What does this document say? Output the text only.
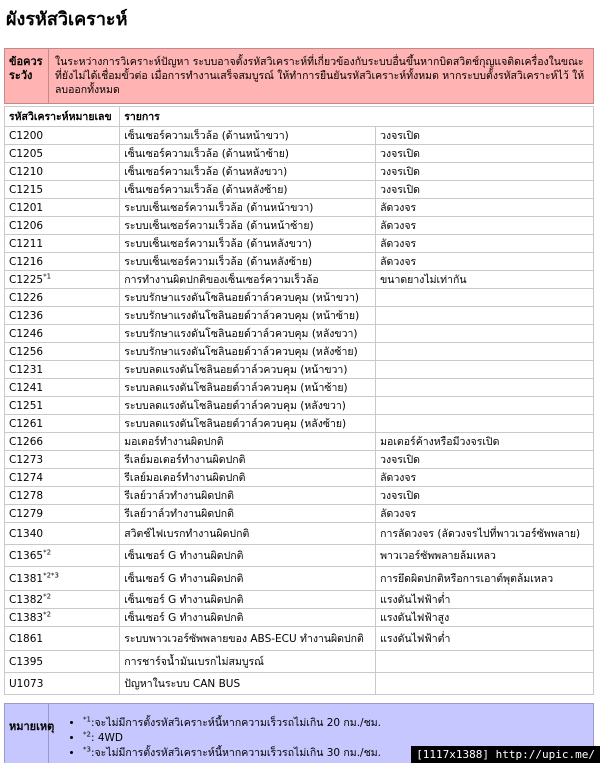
ผังรหัสวิเคราะห์
ข้อควรระวัง
ในระหว่างการวิเคราะห์ปัญหา ระบบอาจตั้งรหัสวิเคราะห์ที่เกี่ยวข้องกับระบบอื่นขึ้นหากบิดสวิตช์กุญแจติดเครื่องในขณะที่ยังไม่ได้เชื่อมขั้วต่อ เมื่อการทำงานเสร็จสมบูรณ์ ให้ทำการยืนยันรหัสวิเคราะห์ทั้งหมด หากระบบตั้งรหัสวิเคราะห์ไว้ ให้ลบออกทั้งหมด
รหัสวิเคราะห์หมายเลข	รายการ	
C1200	เซ็นเซอร์ความเร็วล้อ (ด้านหน้าขวา)	วงจรเปิด
C1205	เซ็นเซอร์ความเร็วล้อ (ด้านหน้าซ้าย)	วงจรเปิด
C1210	เซ็นเซอร์ความเร็วล้อ (ด้านหลังขวา)	วงจรเปิด
C1215	เซ็นเซอร์ความเร็วล้อ (ด้านหลังซ้าย)	วงจรเปิด
C1201	ระบบเซ็นเซอร์ความเร็วล้อ (ด้านหน้าขวา)	ลัดวงจร
C1206	ระบบเซ็นเซอร์ความเร็วล้อ (ด้านหน้าซ้าย)	ลัดวงจร
C1211	ระบบเซ็นเซอร์ความเร็วล้อ (ด้านหลังขวา)	ลัดวงจร
C1216	ระบบเซ็นเซอร์ความเร็วล้อ (ด้านหลังซ้าย)	ลัดวงจร
C1225$^{*1}$	การทำงานผิดปกติของเซ็นเซอร์ความเร็วล้อ	ขนาดยางไม่เท่ากัน
C1226	ระบบรักษาแรงดันโซลินอยด์วาล์วควบคุม (หน้าขวา)	
C1236	ระบบรักษาแรงดันโซลินอยด์วาล์วควบคุม (หน้าซ้าย)	
C1246	ระบบรักษาแรงดันโซลินอยด์วาล์วควบคุม (หลังขวา)	
C1256	ระบบรักษาแรงดันโซลินอยด์วาล์วควบคุม (หลังซ้าย)	
C1231	ระบบลดแรงดันโซลินอยด์วาล์วควบคุม (หน้าขวา)	
C1241	ระบบลดแรงดันโซลินอยด์วาล์วควบคุม (หน้าซ้าย)	
C1251	ระบบลดแรงดันโซลินอยด์วาล์วควบคุม (หลังขวา)	
C1261	ระบบลดแรงดันโซลินอยด์วาล์วควบคุม (หลังซ้าย)	
C1266	มอเตอร์ทำงานผิดปกติ	มอเตอร์ค้างหรือมีวงจรเปิด
C1273	รีเลย์มอเตอร์ทำงานผิดปกติ	วงจรเปิด
C1274	รีเลย์มอเตอร์ทำงานผิดปกติ	ลัดวงจร
C1278	รีเลย์วาล์วทำงานผิดปกติ	วงจรเปิด
C1279	รีเลย์วาล์วทำงานผิดปกติ	ลัดวงจร
C1340	สวิตช์ไฟเบรกทำงานผิดปกติ	การลัดวงจร (ลัดวงจรไปที่พาวเวอร์ซัพพลาย)
C1365$^{*2}$	เซ็นเซอร์ G ทำงานผิดปกติ	พาวเวอร์ซัพพลายล้มเหลว
$C1381^{*2*3}$	เซ็นเซอร์ G ทำงานผิดปกติ	การยึดผิดปกติหรือการเอาต์พุตล้มเหลว
C1382$^{*2}$	เซ็นเซอร์ G ทำงานผิดปกติ	แรงดันไฟฟ้าต่ำ
C1383$^{*2}$	เซ็นเซอร์ G ทำงานผิดปกติ	แรงดันไฟฟ้าสูง
C1861	ระบบพาวเวอร์ซัพพลายของ ABS-ECU ทำงานผิดปกติ	แรงดันไฟฟ้าต่ำ
C1395	การชาร์จน้ำมันเบรกไม่สมบูรณ์	
U1073	ปัญหาในระบบ CAN BUS	
หมายเหตุ
• $^{*1}$:จะไม่มีการตั้งรหัสวิเคราะห์นี้หากความเร็วรถไม่เกิน 20 กม./ชม.
• $^{*2}$: 4WD
• $^{*3}$:จะไม่มีการตั้งรหัสวิเคราะห์นี้หากความเร็วรถไม่เกิน 30 กม./ชม.	[1117x1388] http://upic.me/
